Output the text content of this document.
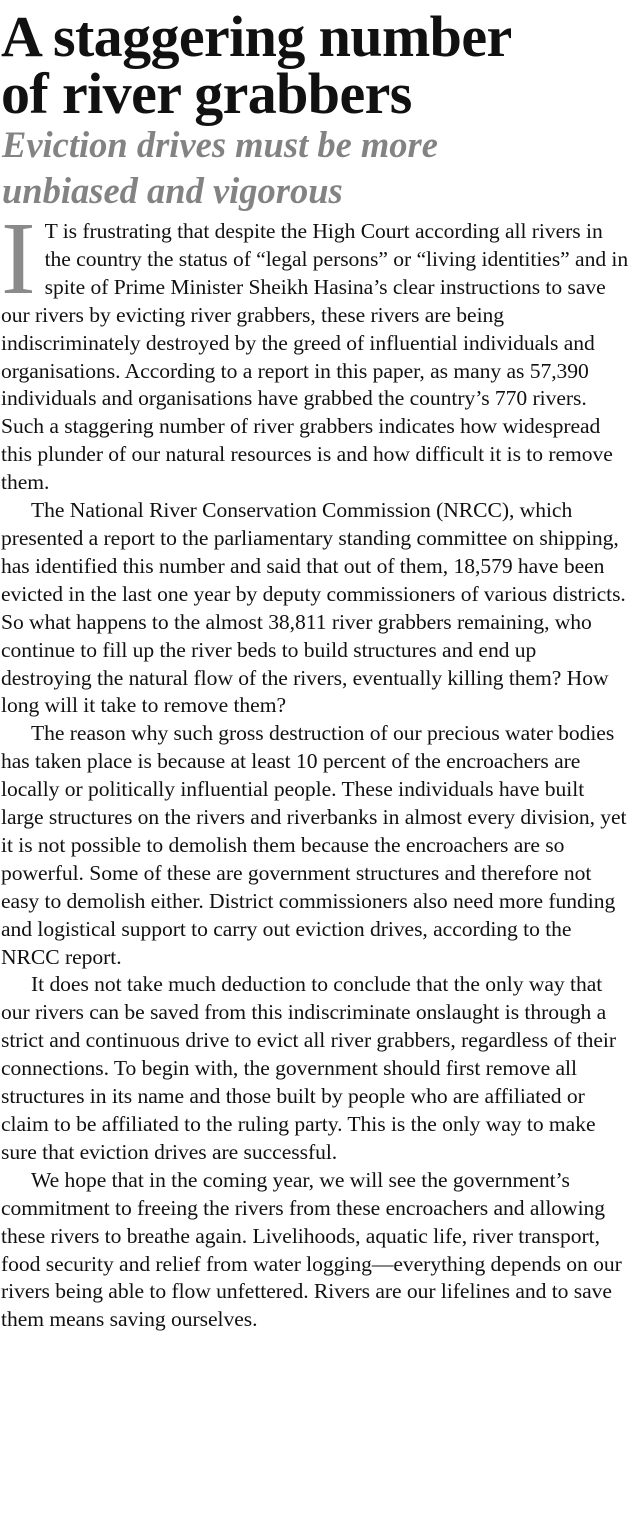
A staggering number
of river grabbers
Eviction drives must be more
unbiased and vigorous

I T is frustrating that despite the High Court according all rivers in the country the status of “legal persons” or “living identities” and in spite of Prime Minister Sheikh Hasina’s clear instructions to save our rivers by evicting river grabbers, these rivers are being indiscriminately destroyed by the greed of influential individuals and organisations. According to a report in this paper, as many as 57,390 individuals and organisations have grabbed the country’s 770 rivers. Such a staggering number of river grabbers indicates how widespread this plunder of our natural resources is and how difficult it is to remove them.

The National River Conservation Commission (NRCC), which presented a report to the parliamentary standing committee on shipping, has identified this number and said that out of them, 18,579 have been evicted in the last one year by deputy commissioners of various districts. So what happens to the almost 38,811 river grabbers remaining, who continue to fill up the river beds to build structures and end up destroying the natural flow of the rivers, eventually killing them? How long will it take to remove them?

The reason why such gross destruction of our precious water bodies has taken place is because at least 10 percent of the encroachers are locally or politically influential people. These individuals have built large structures on the rivers and riverbanks in almost every division, yet it is not possible to demolish them because the encroachers are so powerful. Some of these are government structures and therefore not easy to demolish either. District commissioners also need more funding and logistical support to carry out eviction drives, according to the NRCC report.

It does not take much deduction to conclude that the only way that our rivers can be saved from this indiscriminate onslaught is through a strict and continuous drive to evict all river grabbers, regardless of their connections. To begin with, the government should first remove all structures in its name and those built by people who are affiliated or claim to be affiliated to the ruling party. This is the only way to make sure that eviction drives are successful.

We hope that in the coming year, we will see the government’s commitment to freeing the rivers from these encroachers and allowing these rivers to breathe again. Livelihoods, aquatic life, river transport, food security and relief from water logging—everything depends on our rivers being able to flow unfettered. Rivers are our lifelines and to save them means saving ourselves.
